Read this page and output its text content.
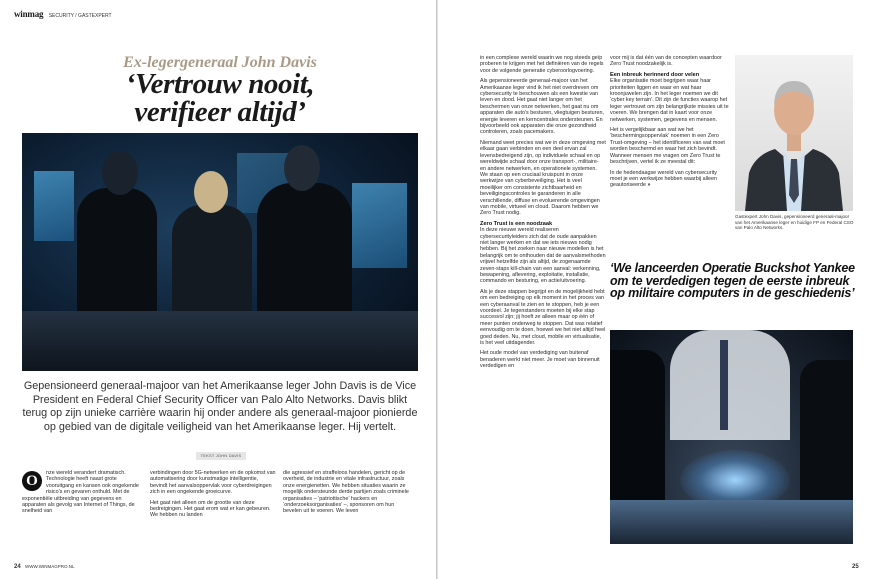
winmag SECURITY / GASTEXPERT
Ex-legergeneraal John Davis
‘Vertrouw nooit,
verifieer altijd’
Gepensioneerd generaal-majoor van het Amerikaanse leger John Davis is de Vice President en Federal Chief Security Officer van Palo Alto Networks. Davis blikt terug op zijn unieke carrière waarin hij onder andere als generaal-majoor pionierde op gebied van de digitale veiligheid van het Amerikaanse leger. Hij vertelt.
TEKST JOHN DAVIS
O	nze wereld verandert dramatisch. Technologie heeft naast grote vooruitgang en kansen ook ongekende risico’s en gevaren onthuld. Met de exponentiële uitbreiding van gegevens en apparaten als gevolg van Internet of Things, de snelheid van

verbindingen door 5G-netwerken en de opkomst van automatisering door kunstmatige intelligentie, bevindt het aanvalsoppervlak voor cyberdreigingen zich in een ongekende groeicurve.

Het gaat niet alleen om de grootte van deze bedreigingen. Het gaat erom wat er kan gebeuren. We hebben nu landen

die agressief en straffeloos handelen, gericht op de overheid, de industrie en vitale infrastructuur, zoals onze energienetten. We hebben situaties waarin ze mogelijk ondersteunde derde partijen zoals criminele organisaties – ‘patriottische’ hackers en ‘onderzoeksorganisaties’ –, sponsoren om hun bevelen uit te voeren. We leven

24 WWW.WINMAGPRO.NL

in een complexe wereld waarin we nog steeds geïp proberen te krijgen met het definiëren van de regels voor de volgende generatie cyberoorlogvoering.

Als gepensioneerde generaal-majoor van het Amerikaanse leger vind ik het niet overdreven om cybersecurity te beschouwen als een kwestie van leven en dood. Het gaat niet langer om het beschermen van onze netwerken, het gaat nu om apparaten die auto’s besturen, vliegtuigen besturen, energie leveren en kerncentrales ondersteunen. En bijvoorbeeld ook apparaten die onze gezondheid controleren, zoals pacemakers.

Niemand weet precies wat we in deze omgeving met elkaar gaan verbinden en een deel ervan zal levensbedreigend zijn, op individuele schaal en op wereldwijde schaal door onze transport-, militaire- en andere netwerken, en operationele systemen. We staan op een cruciaal kruispunt in onze werkwijze van cyberbeveiliging. Het is veel moeilijker om consistente zichtbaarheid en beveiligingscontroles te garanderen in alle verschillende, diffuse en evoluerende omgevingen van mobile, virtueel en cloud. Daarom hebben we Zero Trust nodig.

Zero Trust is een noodzaak

In deze nieuwe wereld realiseren cybersecurityleiders zich dat de oude aanpakken niet langer werken en dat we iets nieuws nodig hebben. Bij het zoeken naar nieuwe modellen is het belangrijk om te onthouden dat de aanvalsmethoden vrijwel hetzelfde zijn als altijd, de zogenaamde zeven-staps kill-chain van een aanval: verkenning, bewapening, aflevering, exploitatie, installatie, commando en besturing, en actie/uitvoering.

Als je deze stappen begrijpt en de mogelijkheid hebt om een bedreiging op elk moment in het proces van een cyberaanval te zien en te stoppen, heb je een voordeel. Je tegenstanders moeten bij elke stap succesvol zijn; jij hoeft ze alleen maar op één of meer punten onderweg te stoppen. Dat was relatief eenvoudig om te doen, hoewel we het niet altijd heel goed deden. Nu, met cloud, mobile en virtualisatie, is het veel uitdagender.

Het oude model van verdediging van buitenaf benaderen werkt niet meer. Je moet van binnenuit verdedigen en

voor mij is dat één van de concepten waardoor Zero Trust noodzakelijk is.

Een inbreuk herinnerd door velen

Elke organisatie moet begrijpen waar haar prioriteiten liggen en waar en wat haar kroonjuwelen zijn. In het leger noemen we dit ‘cyber key terrain’. Dit zijn de functies waarop het leger vertrouwt om zijn belangrijkste missies uit te voeren. We brengen dat in kaart voor onze netwerken, systemen, gegevens en mensen.

Het is vergelijkbaar aan wat we het ‘beschermingsoppervlak’ noemen in een Zero Trust-omgeving – het identificeren van wat moet worden beschermd en waar het zich bevindt. Wanneer mensen me vragen om Zero Trust te beschrijven, vertel ik ze meestal dit:

In de hedendaagse wereld van cybersecurity moet je een werkwijze hebben waarbij alleen geautoriseerde »

25
Gastexpert John Davis, gepensioneerd generaal-majoor van het Amerikaanse leger en huidige FP en Federal CSO van Palo Alto Networks.
‘We lanceerden Operatie Buckshot Yankee om te verdedigen tegen de eerste inbreuk op militaire computers in de geschiedenis’
